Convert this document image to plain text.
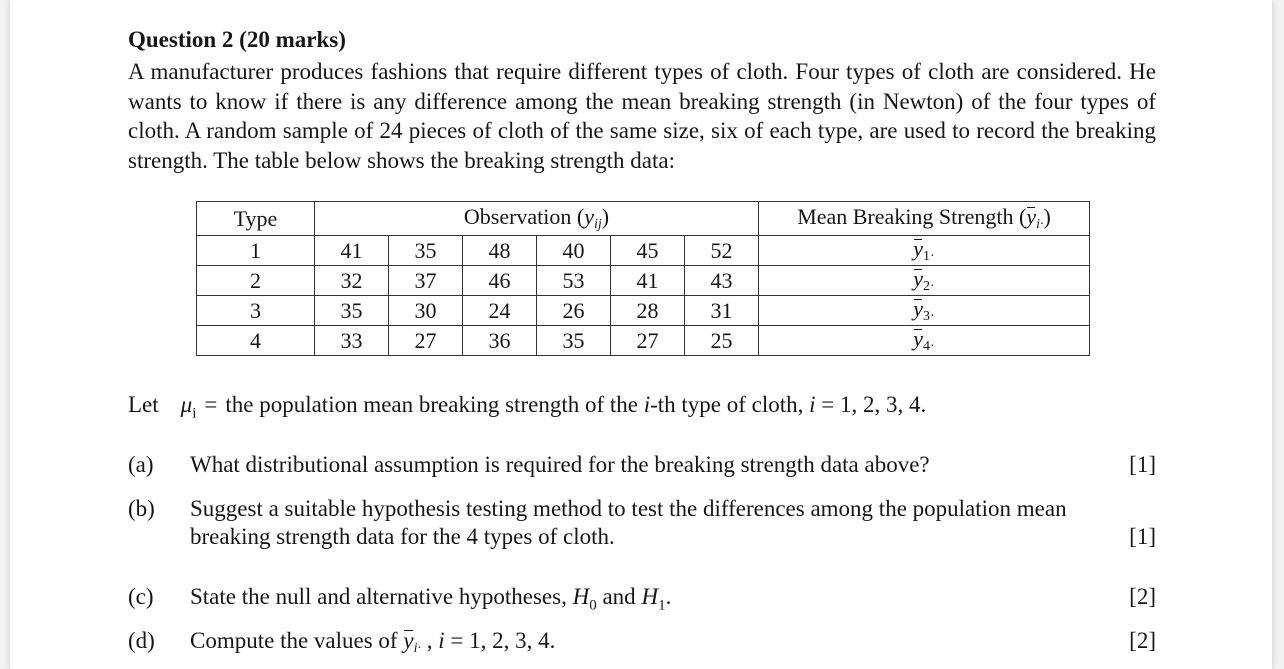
Question 2 (20 marks)

A manufacturer produces fashions that require different types of cloth. Four types of cloth are considered. He wants to know if there is any difference among the mean breaking strength (in Newton) of the four types of cloth. A random sample of 24 pieces of cloth of the same size, six of each type, are used to record the breaking strength. The table below shows the breaking strength data:

Type	Observation (yij)						Mean Breaking Strength (yi·)
1	41	35	48	40	45	52	$y_{1\cdot}$
2	32	37	46	53	41	43	$y_{2\cdot}$
3	35	30	24	26	28	31	$y_{3\cdot}$
4	33	27	36	35	27	25	$y_{4\cdot}$
Let $\mu_i$ = the population mean breaking strength of the i-th type of cloth, i = 1, 2, 3, 4.
(a) What distributional assumption is required for the breaking strength data above?	[1]
(b) Suggest a suitable hypothesis testing method to test the differences among the population mean
breaking strength data for the 4 types of cloth.	[1]
(c) State the null and alternative hypotheses, $H_0$ and $H_1$.	[2]
(d) Compute the values of yi· , i = 1, 2, 3, 4.	[2]
